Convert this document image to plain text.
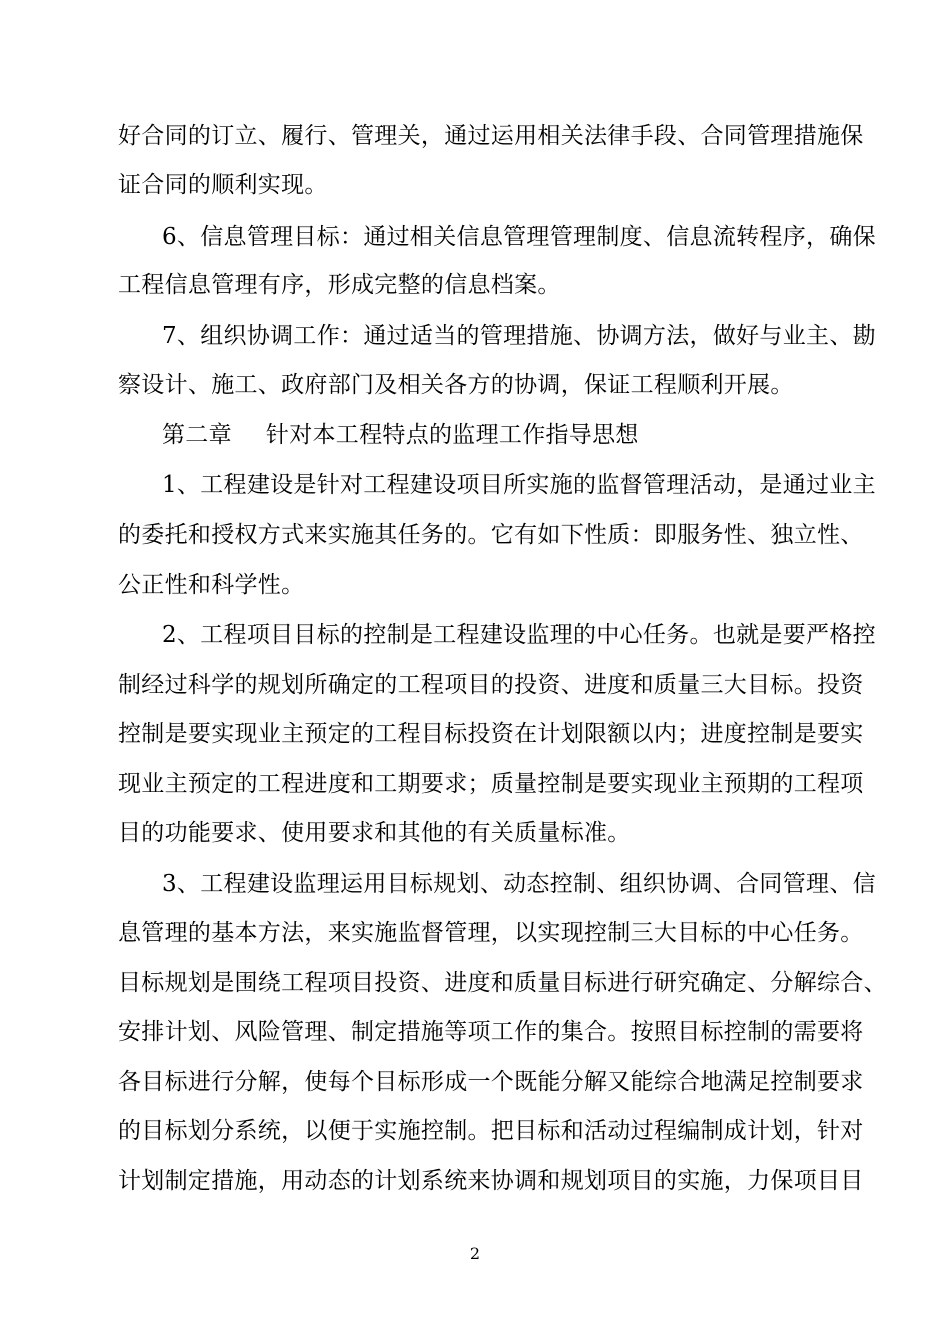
好合同的订立、履行、管理关，通过运用相关法律手段、合同管理措施保
证合同的顺利实现。
6、信息管理目标：通过相关信息管理管理制度、信息流转程序，确保
工程信息管理有序，形成完整的信息档案。
7、组织协调工作：通过适当的管理措施、协调方法，做好与业主、勘
察设计、施工、政府部门及相关各方的协调，保证工程顺利开展。
第二章 针对本工程特点的监理工作指导思想
1、工程建设是针对工程建设项目所实施的监督管理活动，是通过业主
的委托和授权方式来实施其任务的。它有如下性质：即服务性、独立性、
公正性和科学性。
2、工程项目目标的控制是工程建设监理的中心任务。也就是要严格控
制经过科学的规划所确定的工程项目的投资、进度和质量三大目标。投资
控制是要实现业主预定的工程目标投资在计划限额以内；进度控制是要实
现业主预定的工程进度和工期要求；质量控制是要实现业主预期的工程项
目的功能要求、使用要求和其他的有关质量标准。
3、工程建设监理运用目标规划、动态控制、组织协调、合同管理、信
息管理的基本方法，来实施监督管理，以实现控制三大目标的中心任务。
目标规划是围绕工程项目投资、进度和质量目标进行研究确定、分解综合、
安排计划、风险管理、制定措施等项工作的集合。按照目标控制的需要将
各目标进行分解，使每个目标形成一个既能分解又能综合地满足控制要求
的目标划分系统，以便于实施控制。把目标和活动过程编制成计划，针对
计划制定措施，用动态的计划系统来协调和规划项目的实施，力保项目目
2
